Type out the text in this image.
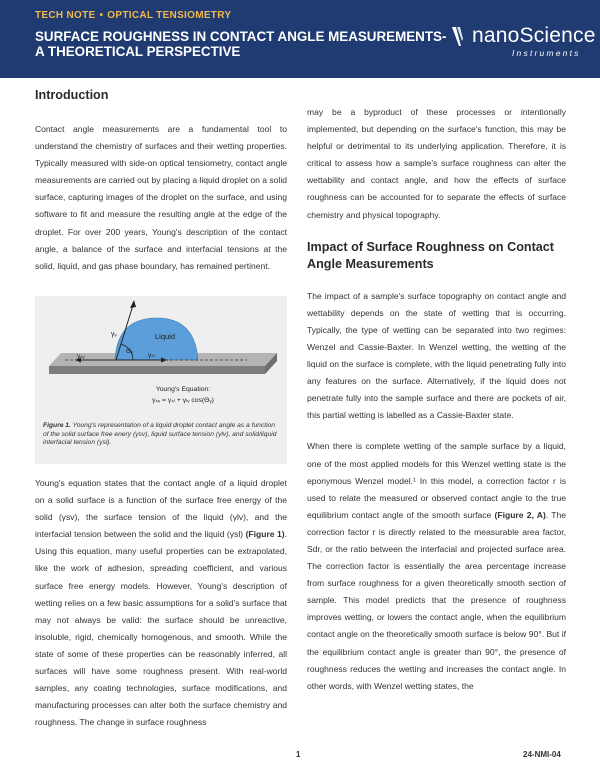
TECH NOTE • OPTICAL TENSIOMETRY
SURFACE ROUGHNESS IN CONTACT ANGLE MEASUREMENTS-
A THEORETICAL PERSPECTIVE
nanoScience
Instruments
Introduction

Contact angle measurements are a fundamental tool to understand the chemistry of surfaces and their wetting properties. Typically measured with side-on optical tensiometry, contact angle measurements are carried out by placing a liquid droplet on a solid surface, capturing images of the droplet on the surface, and using software to fit and measure the resulting angle at the edge of the droplet. For over 200 years, Young's description of the contact angle, a balance of the surface and interfacial tensions at the solid, liquid, and gas phase boundary, has remained pertinent.

γᵥ
Θᵧ
Liquid
γₛᵥ	γₛₗ
Young's Equation:
γₛᵥ = γₛₗ + γₗᵥ cos(Θᵧ)
Figure 1. Young's representation of a liquid droplet contact angle as a function of the solid surface free enery (γsv), liquid surface tension (γlv), and solid/liquid interfacial tension (γsl).

Young's equation states that the contact angle of a liquid droplet on a solid surface is a function of the surface free energy of the solid (γsv), the surface tension of the liquid (γlv), and the interfacial tension between the solid and the liquid (γsl) (Figure 1). Using this equation, many useful properties can be extrapolated, like the work of adhesion, spreading coefficient, and various surface free energy models. However, Young's description of wetting relies on a few basic assumptions for a solid's surface that may not always be valid: the surface should be unreactive, insoluble, rigid, chemically homogenous, and smooth. While the state of some of these properties can be reasonably inferred, all surfaces will have some roughness present. With real-world samples, any coating technologies, surface modifications, and manufacturing processes can alter both the surface chemistry and roughness. The change in surface roughness

may be a byproduct of these processes or intentionally implemented, but depending on the surface's function, this may be helpful or detrimental to its underlying application. Therefore, it is critical to assess how a sample's surface roughness can alter the wettability and contact angle, and how the effects of surface roughness can be accounted for to separate the effects of surface chemistry and physical topography.

Impact of Surface Roughness on Contact Angle Measurements

The impact of a sample's surface topography on contact angle and wettability depends on the state of wetting that is occurring. Typically, the type of wetting can be separated into two regimes: Wenzel and Cassie-Baxter. In Wenzel wetting, the wetting of the liquid on the surface is complete, with the liquid penetrating fully into any features on the surface. Alternatively, if the liquid does not penetrate fully into the sample surface and there are pockets of air, this partial wetting is labelled as a Cassie-Baxter state.

When there is complete wetting of the sample surface by a liquid, one of the most applied models for this Wenzel wetting state is the eponymous Wenzel model.¹ In this model, a correction factor r is used to relate the measured or observed contact angle to the true equilibrium contact angle of the smooth surface (Figure 2, A). The correction factor r is directly related to the measurable area factor, Sdr, or the ratio between the interfacial and projected surface area. The correction factor is essentially the area percentage increase from surface roughness for a given theoretically smooth section of sample. This model predicts that the presence of roughness improves wetting, or lowers the contact angle, when the equilibrium contact angle on the theoretically smooth surface is below 90°. But if the equilibrium contact angle is greater than 90°, the presence of roughness reduces the wetting and increases the contact angle. In other words, with Wenzel wetting states, the

1	24-NMI-04
